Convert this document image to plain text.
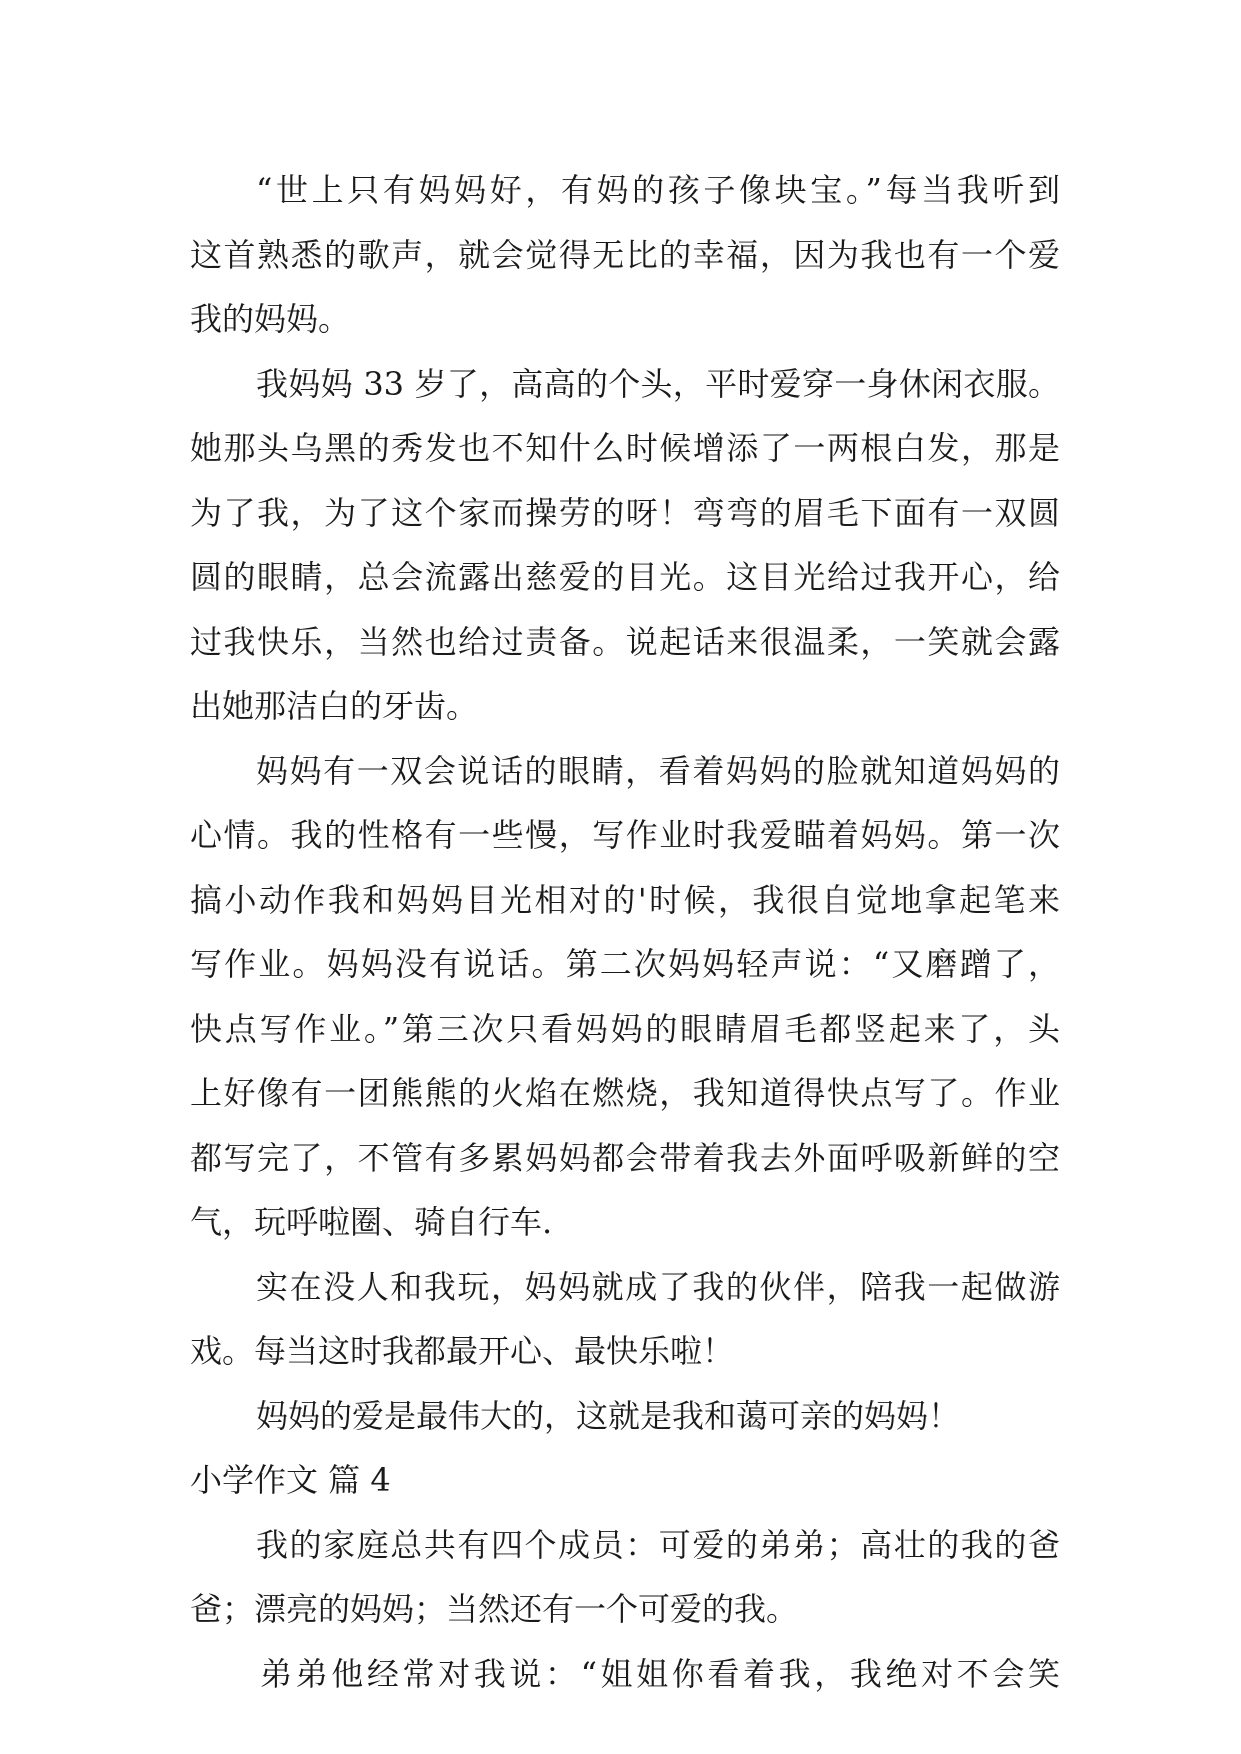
“世上只有妈妈好，有妈的孩子像块宝。”每当我听到
这首熟悉的歌声，就会觉得无比的幸福，因为我也有一个爱
我的妈妈。
我妈妈 33 岁了，高高的个头，平时爱穿一身休闲衣服。
她那头乌黑的秀发也不知什么时候增添了一两根白发，那是
为了我，为了这个家而操劳的呀！弯弯的眉毛下面有一双圆
圆的眼睛，总会流露出慈爱的目光。这目光给过我开心，给
过我快乐，当然也给过责备。说起话来很温柔，一笑就会露
出她那洁白的牙齿。
妈妈有一双会说话的眼睛，看着妈妈的脸就知道妈妈的
心情。我的性格有一些慢，写作业时我爱瞄着妈妈。第一次
搞小动作我和妈妈目光相对的'时候，我很自觉地拿起笔来
写作业。妈妈没有说话。第二次妈妈轻声说：“又磨蹭了，
快点写作业。”第三次只看妈妈的眼睛眉毛都竖起来了，头
上好像有一团熊熊的火焰在燃烧，我知道得快点写了。作业
都写完了，不管有多累妈妈都会带着我去外面呼吸新鲜的空
气，玩呼啦圈、骑自行车.
实在没人和我玩，妈妈就成了我的伙伴，陪我一起做游
戏。每当这时我都最开心、最快乐啦！
妈妈的爱是最伟大的，这就是我和蔼可亲的妈妈！
小学作文 篇 4
我的家庭总共有四个成员：可爱的弟弟；高壮的我的爸
爸；漂亮的妈妈；当然还有一个可爱的我。
弟弟他经常对我说：“姐姐你看着我，我绝对不会笑
